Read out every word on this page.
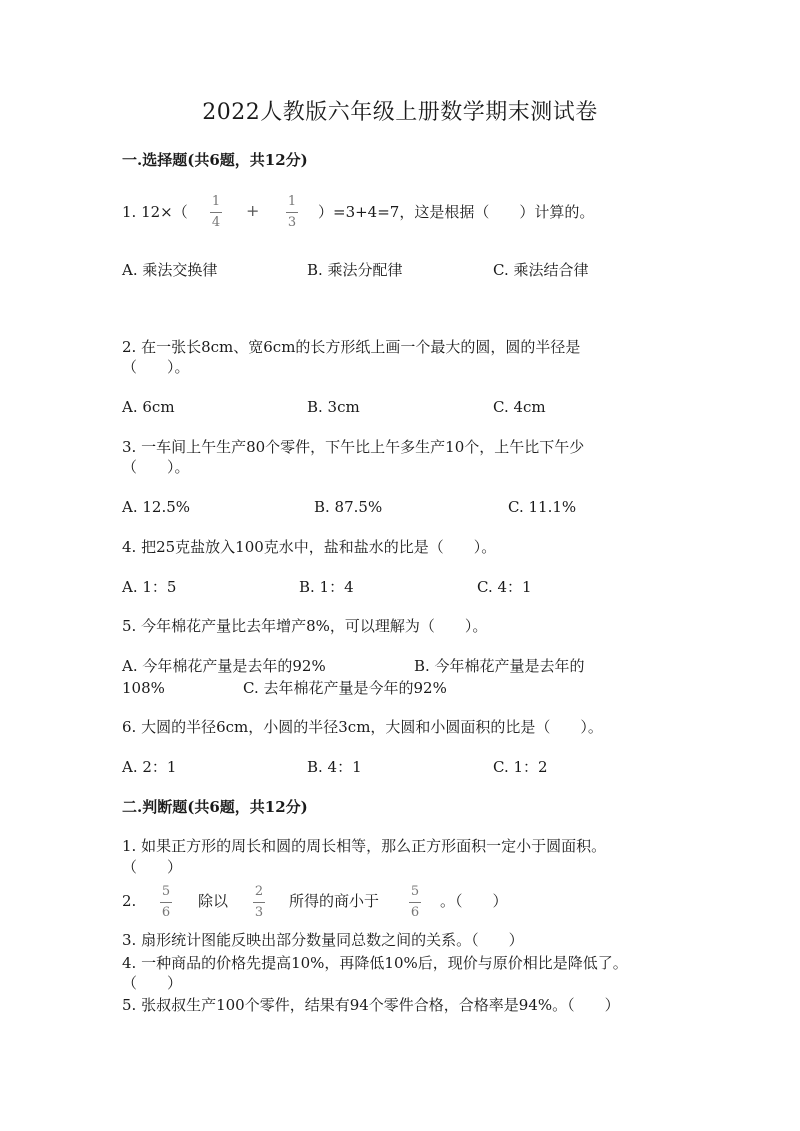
2022人教版六年级上册数学期末测试卷
一.选择题(共6题，共12分)
1. 12×（
1
4
+ 1
3
）=3+4=7，这是根据（　　）计算的。
A. 乘法交换律	B. 乘法分配律	C. 乘法结合律
2. 在一张长8cm、宽6cm的长方形纸上画一个最大的圆，圆的半径是
（　　）。
A. 6cm	B. 3cm	C. 4cm
3. 一车间上午生产80个零件，下午比上午多生产10个，上午比下午少
（　　）。
A. 12.5%	B. 87.5%	C. 11.1%
4. 把25克盐放入100克水中，盐和盐水的比是（　　）。
A. 1：5	B. 1：4	C. 4：1
5. 今年棉花产量比去年增产8%，可以理解为（　　）。
A. 今年棉花产量是去年的92%	B. 今年棉花产量是去年的
108%	C. 去年棉花产量是今年的92%
6. 大圆的半径6cm，小圆的半径3cm，大圆和小圆面积的比是（　　）。
A. 2：1	B. 4：1	C. 1：2
二.判断题(共6题，共12分)
1. 如果正方形的周长和圆的周长相等，那么正方形面积一定小于圆面积。
（　　）
2.
5
6
除以
2
3
所得的商小于
5
6
。（　　）
3. 扇形统计图能反映出部分数量同总数之间的关系。（　　）
4. 一种商品的价格先提高10%，再降低10%后，现价与原价相比是降低了。
（　　）
5. 张叔叔生产100个零件，结果有94个零件合格，合格率是94%。（　　）
